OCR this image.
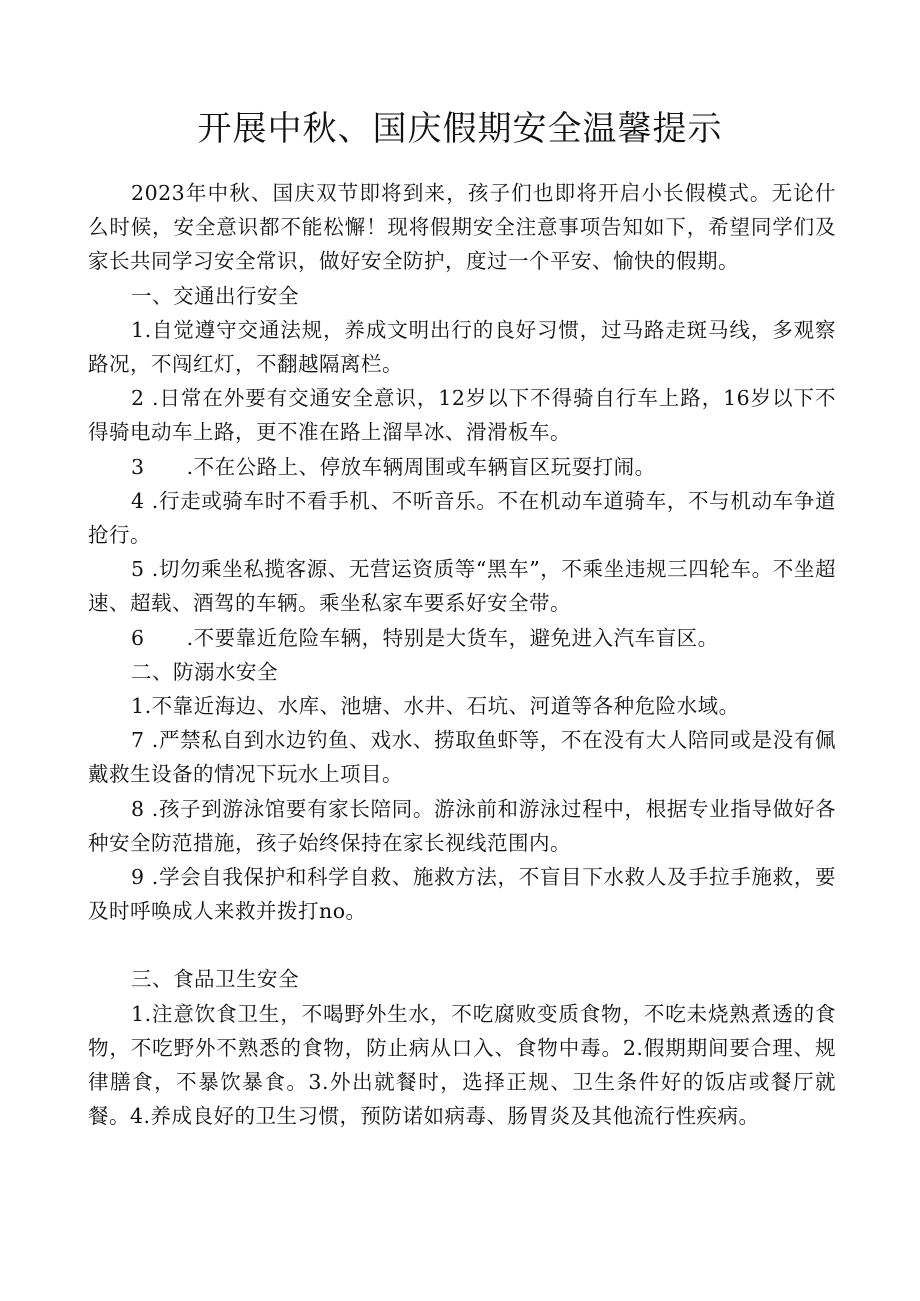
开展中秋、国庆假期安全温馨提示

2023年中秋、国庆双节即将到来，孩子们也即将开启小长假模式。无论什么时候，安全意识都不能松懈！现将假期安全注意事项告知如下，希望同学们及家长共同学习安全常识，做好安全防护，度过一个平安、愉快的假期。

一、交通出行安全

1.自觉遵守交通法规，养成文明出行的良好习惯，过马路走斑马线，多观察路况，不闯红灯，不翻越隔离栏。

2 .日常在外要有交通安全意识，12岁以下不得骑自行车上路，16岁以下不得骑电动车上路，更不准在路上溜旱冰、滑滑板车。

3  .不在公路上、停放车辆周围或车辆盲区玩耍打闹。

4 .行走或骑车时不看手机、不听音乐。不在机动车道骑车，不与机动车争道抢行。

5 .切勿乘坐私揽客源、无营运资质等“黑车”，不乘坐违规三四轮车。不坐超速、超载、酒驾的车辆。乘坐私家车要系好安全带。

6  .不要靠近危险车辆，特别是大货车，避免进入汽车盲区。

二、防溺水安全

1.不靠近海边、水库、池塘、水井、石坑、河道等各种危险水域。

7 .严禁私自到水边钓鱼、戏水、捞取鱼虾等，不在没有大人陪同或是没有佩戴救生设备的情况下玩水上项目。

8 .孩子到游泳馆要有家长陪同。游泳前和游泳过程中，根据专业指导做好各种安全防范措施，孩子始终保持在家长视线范围内。

9 .学会自我保护和科学自救、施救方法，不盲目下水救人及手拉手施救，要及时呼唤成人来救并拨打no。

三、食品卫生安全

1.注意饮食卫生，不喝野外生水，不吃腐败变质食物，不吃未烧熟煮透的食物，不吃野外不熟悉的食物，防止病从口入、食物中毒。2.假期期间要合理、规律膳食，不暴饮暴食。3.外出就餐时，选择正规、卫生条件好的饭店或餐厅就餐。4.养成良好的卫生习惯，预防诺如病毒、肠胃炎及其他流行性疾病。
